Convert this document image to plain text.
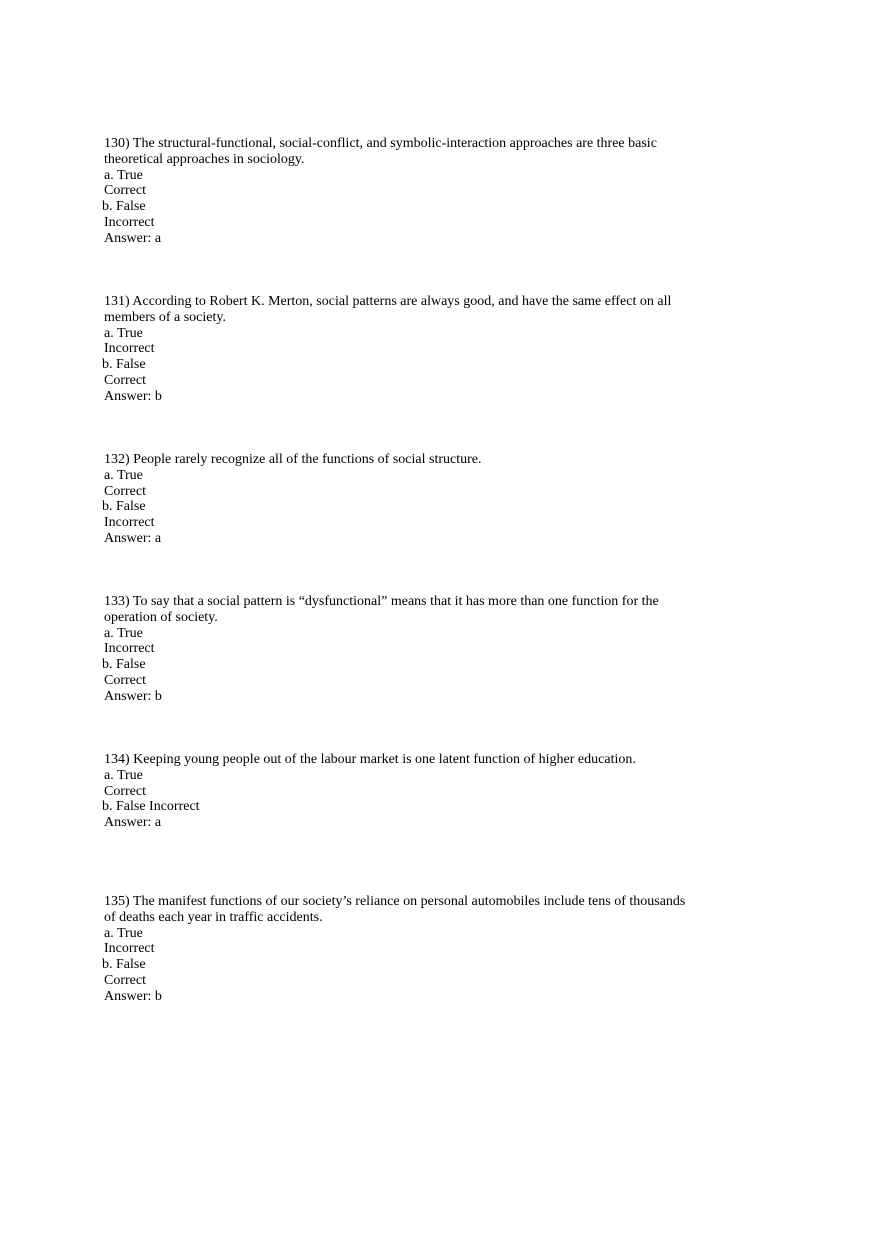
130) The structural-functional, social-conflict, and symbolic-interaction approaches are three basic
theoretical approaches in sociology.
a. True
Correct
b. False
Incorrect
Answer: a
131) According to Robert K. Merton, social patterns are always good, and have the same effect on all
members of a society.
a. True
Incorrect
b. False
Correct
Answer: b
132) People rarely recognize all of the functions of social structure.
a. True
Correct
b. False
Incorrect
Answer: a
133) To say that a social pattern is “dysfunctional” means that it has more than one function for the
operation of society.
a. True
Incorrect
b. False
Correct
Answer: b
134) Keeping young people out of the labour market is one latent function of higher education.
a. True
Correct
b. False Incorrect
Answer: a
135) The manifest functions of our society’s reliance on personal automobiles include tens of thousands
of deaths each year in traffic accidents.
a. True
Incorrect
b. False
Correct
Answer: b
